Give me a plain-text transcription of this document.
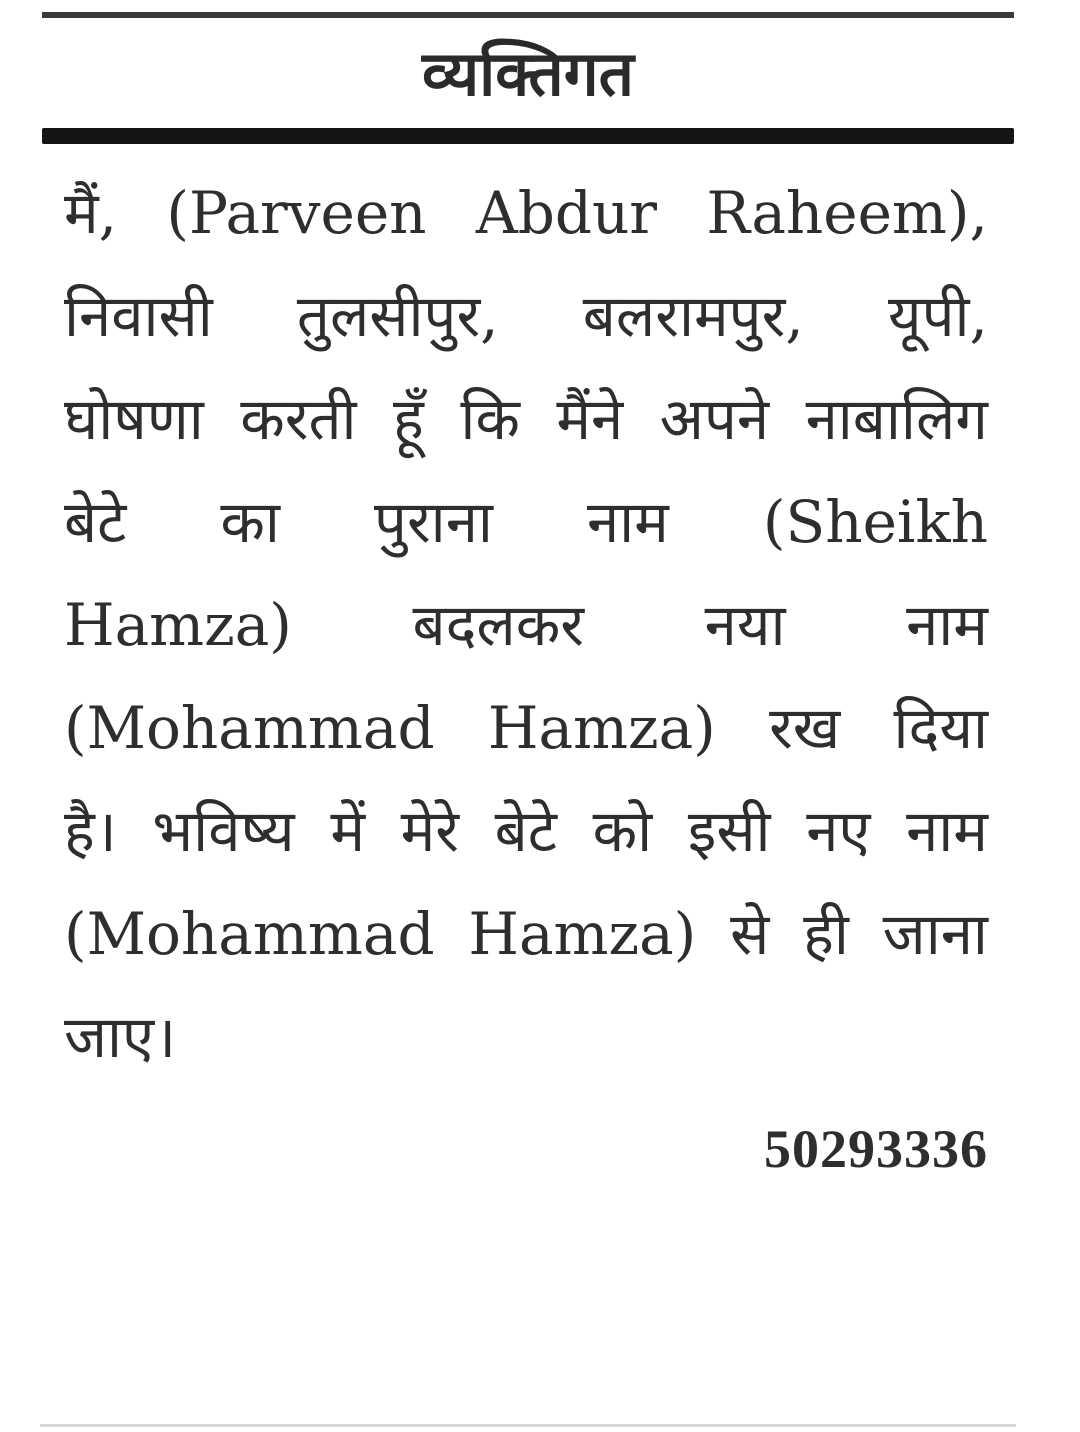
व्यक्तिगत
मैं, (Parveen Abdur Raheem),
निवासी तुलसीपुर, बलरामपुर, यूपी,
घोषणा करती हूँ कि मैंने अपने नाबालिग
बेटे का पुराना नाम (Sheikh
Hamza) बदलकर नया नाम
(Mohammad Hamza) रख दिया
है। भविष्य में मेरे बेटे को इसी नए नाम
(Mohammad Hamza) से ही जाना
जाए।
50293336
